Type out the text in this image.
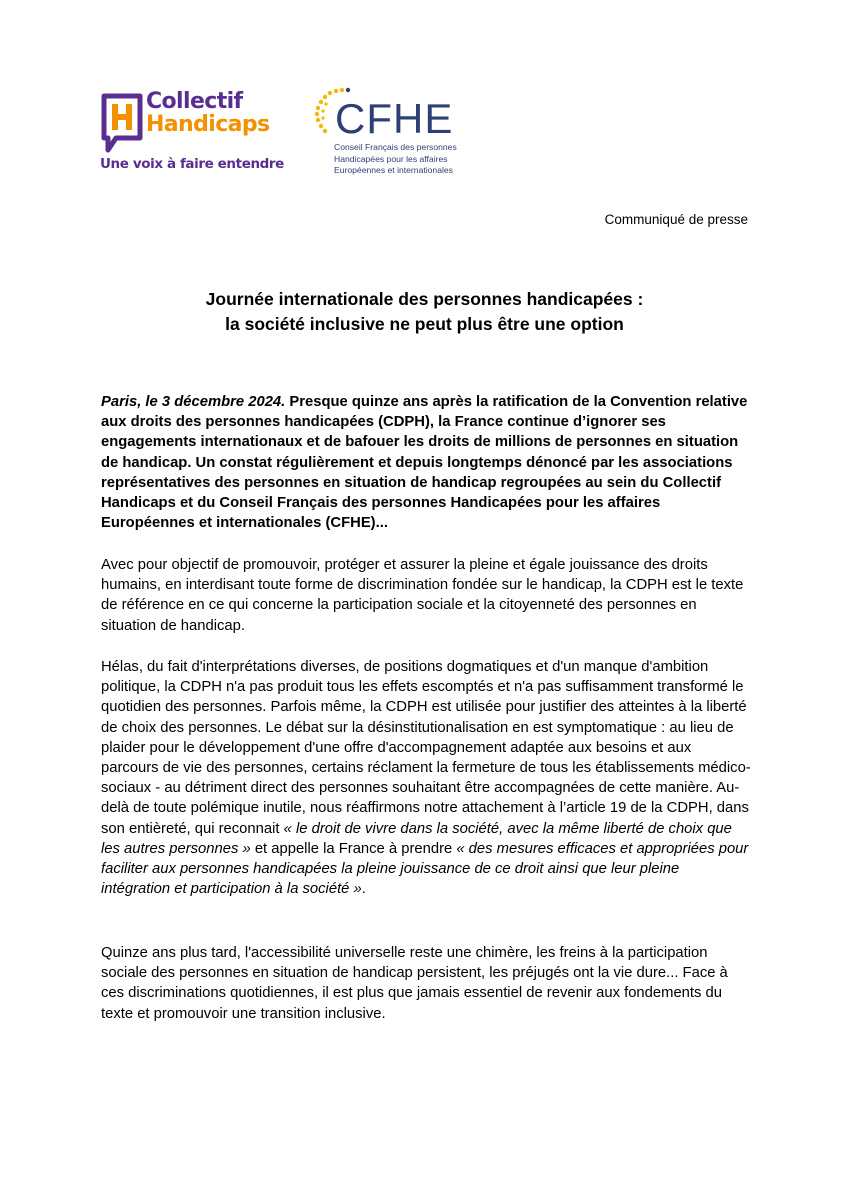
Collectif
Handicaps
Une voix à faire entendre
CFHE
Conseil Français des personnes
Handicapées pour les affaires
Européennes et internationales
Communiqué de presse
Journée internationale des personnes handicapées :
la société inclusive ne peut plus être une option
Paris, le 3 décembre 2024. Presque quinze ans après la ratification de la Convention relative aux droits des personnes handicapées (CDPH), la France continue d’ignorer ses engagements internationaux et de bafouer les droits de millions de personnes en situation de handicap. Un constat régulièrement et depuis longtemps dénoncé par les associations représentatives des personnes en situation de handicap regroupées au sein du Collectif Handicaps et du Conseil Français des personnes Handicapées pour les affaires Européennes et internationales (CFHE)...
Avec pour objectif de promouvoir, protéger et assurer la pleine et égale jouissance des droits humains, en interdisant toute forme de discrimination fondée sur le handicap, la CDPH est le texte de référence en ce qui concerne la participation sociale et la citoyenneté des personnes en situation de handicap.
Hélas, du fait d'interprétations diverses, de positions dogmatiques et d'un manque d'ambition politique, la CDPH n'a pas produit tous les effets escomptés et n'a pas suffisamment transformé le quotidien des personnes. Parfois même, la CDPH est utilisée pour justifier des atteintes à la liberté de choix des personnes. Le débat sur la désinstitutionalisation en est symptomatique : au lieu de plaider pour le développement d'une offre d'accompagnement adaptée aux besoins et aux parcours de vie des personnes, certains réclament la fermeture de tous les établissements médico-sociaux - au détriment direct des personnes souhaitant être accompagnées de cette manière. Au-delà de toute polémique inutile, nous réaffirmons notre attachement à l’article 19 de la CDPH, dans son entièreté, qui reconnait « le droit de vivre dans la société, avec la même liberté de choix que les autres personnes » et appelle la France à prendre « des mesures efficaces et appropriées pour faciliter aux personnes handicapées la pleine jouissance de ce droit ainsi que leur pleine intégration et participation à la société ».
Quinze ans plus tard, l'accessibilité universelle reste une chimère, les freins à la participation sociale des personnes en situation de handicap persistent, les préjugés ont la vie dure... Face à ces discriminations quotidiennes, il est plus que jamais essentiel de revenir aux fondements du texte et promouvoir une transition inclusive.
